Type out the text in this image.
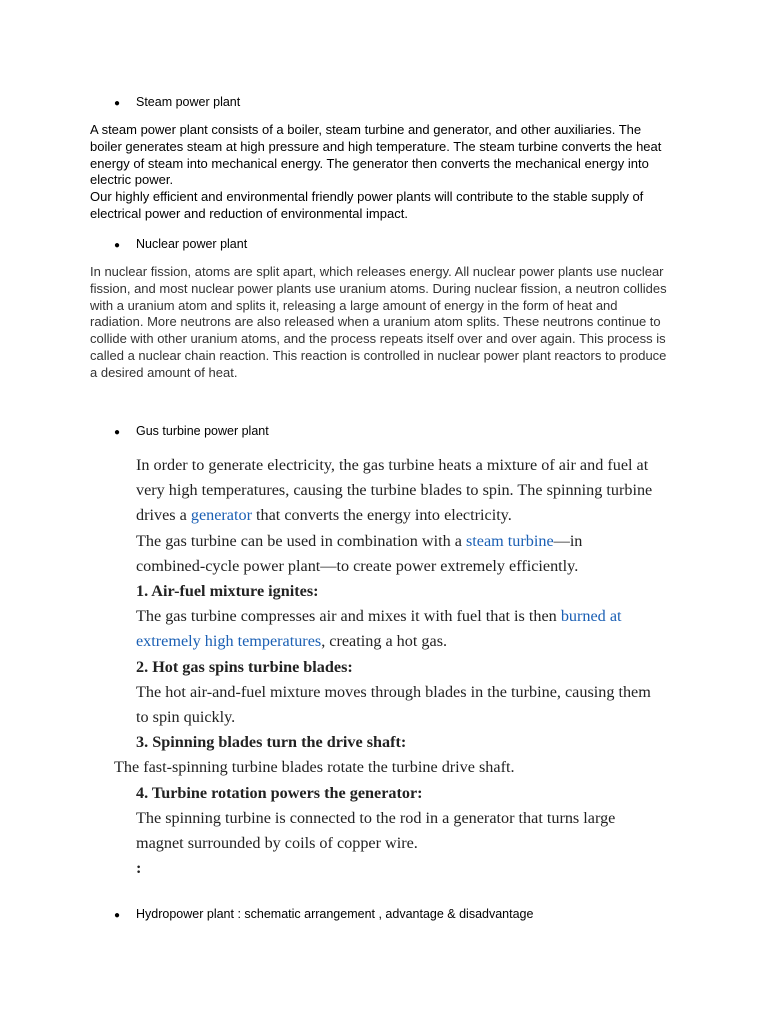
● Steam power plant
A steam power plant consists of a boiler, steam turbine and generator, and other auxiliaries. The
boiler generates steam at high pressure and high temperature. The steam turbine converts the heat
energy of steam into mechanical energy. The generator then converts the mechanical energy into
electric power.
Our highly efficient and environmental friendly power plants will contribute to the stable supply of
electrical power and reduction of environmental impact.
● Nuclear power plant
In nuclear fission, atoms are split apart, which releases energy. All nuclear power plants use nuclear
fission, and most nuclear power plants use uranium atoms. During nuclear fission, a neutron collides
with a uranium atom and splits it, releasing a large amount of energy in the form of heat and
radiation. More neutrons are also released when a uranium atom splits. These neutrons continue to
collide with other uranium atoms, and the process repeats itself over and over again. This process is
called a nuclear chain reaction. This reaction is controlled in nuclear power plant reactors to produce
a desired amount of heat.
● Gus turbine power plant

In order to generate electricity, the gas turbine heats a mixture of air and fuel at

very high temperatures, causing the turbine blades to spin. The spinning turbine

drives a generator that converts the energy into electricity.

The gas turbine can be used in combination with a steam turbine—in

combined-cycle power plant—to create power extremely efficiently.

1. Air-fuel mixture ignites:

The gas turbine compresses air and mixes it with fuel that is then burned at

extremely high temperatures, creating a hot gas.

2. Hot gas spins turbine blades:

The hot air-and-fuel mixture moves through blades in the turbine, causing them

to spin quickly.

3. Spinning blades turn the drive shaft:

The fast-spinning turbine blades rotate the turbine drive shaft.

4. Turbine rotation powers the generator:

The spinning turbine is connected to the rod in a generator that turns large

magnet surrounded by coils of copper wire.

:

● Hydropower plant : schematic arrangement , advantage & disadvantage
